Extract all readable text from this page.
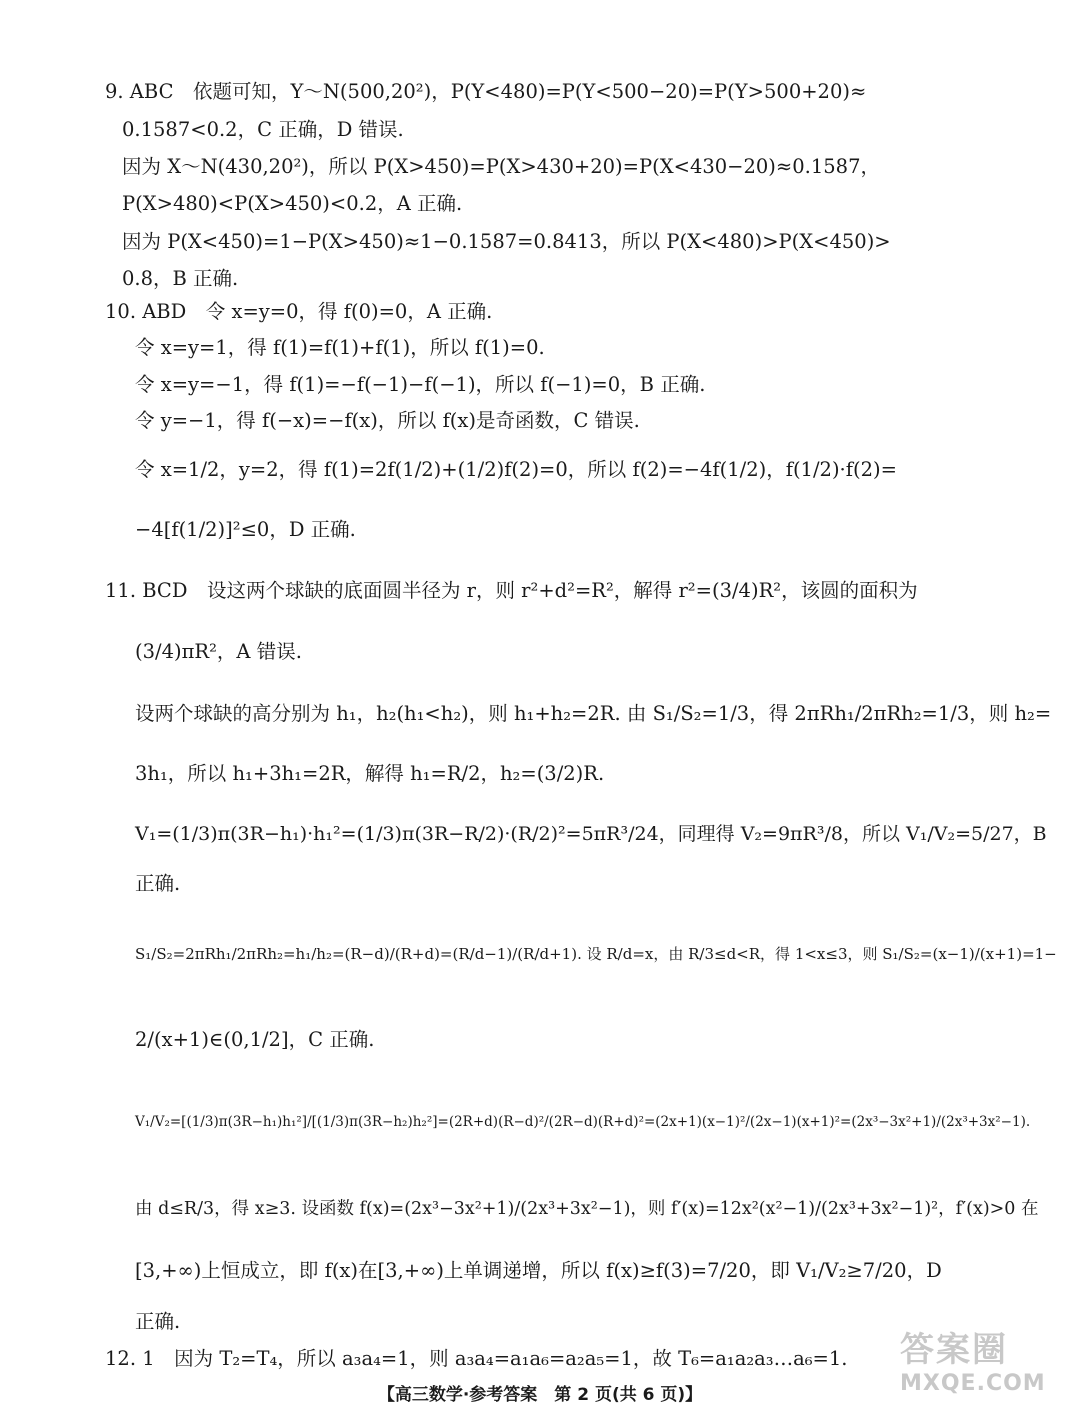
9. ABC　依题可知，Y～N(500,20²)，P(Y<480)=P(Y<500−20)=P(Y>500+20)≈
0.1587<0.2，C 正确，D 错误.
因为 X～N(430,20²)，所以 P(X>450)=P(X>430+20)=P(X<430−20)≈0.1587，
P(X>480)<P(X>450)<0.2，A 正确.
因为 P(X<450)=1−P(X>450)≈1−0.1587=0.8413，所以 P(X<480)>P(X<450)>
0.8，B 正确.
10. ABD　令 x=y=0，得 f(0)=0，A 正确.
令 x=y=1，得 f(1)=f(1)+f(1)，所以 f(1)=0.
令 x=y=−1，得 f(1)=−f(−1)−f(−1)，所以 f(−1)=0，B 正确.
令 y=−1，得 f(−x)=−f(x)，所以 f(x)是奇函数，C 错误.
令 x=1/2，y=2，得 f(1)=2f(1/2)+(1/2)f(2)=0，所以 f(2)=−4f(1/2)，f(1/2)·f(2)=
−4[f(1/2)]²≤0，D 正确.
11. BCD　设这两个球缺的底面圆半径为 r，则 r²+d²=R²，解得 r²=(3/4)R²，该圆的面积为
(3/4)πR²，A 错误.
设两个球缺的高分别为 h₁，h₂(h₁<h₂)，则 h₁+h₂=2R. 由 S₁/S₂=1/3，得 2πRh₁/2πRh₂=1/3，则 h₂=
3h₁，所以 h₁+3h₁=2R，解得 h₁=R/2，h₂=(3/2)R.
V₁=(1/3)π(3R−h₁)·h₁²=(1/3)π(3R−R/2)·(R/2)²=5πR³/24，同理得 V₂=9πR³/8，所以 V₁/V₂=5/27，B
正确.
S₁/S₂=2πRh₁/2πRh₂=h₁/h₂=(R−d)/(R+d)=(R/d−1)/(R/d+1). 设 R/d=x，由 R/3≤d<R，得 1<x≤3，则 S₁/S₂=(x−1)/(x+1)=1−
2/(x+1)∈(0,1/2]，C 正确.
V₁/V₂=[(1/3)π(3R−h₁)h₁²]/[(1/3)π(3R−h₂)h₂²]=(2R+d)(R−d)²/(2R−d)(R+d)²=(2x+1)(x−1)²/(2x−1)(x+1)²=(2x³−3x²+1)/(2x³+3x²−1).
由 d≤R/3，得 x≥3. 设函数 f(x)=(2x³−3x²+1)/(2x³+3x²−1)，则 f′(x)=12x²(x²−1)/(2x³+3x²−1)²，f′(x)>0 在
[3,+∞)上恒成立，即 f(x)在[3,+∞)上单调递增，所以 f(x)≥f(3)=7/20，即 V₁/V₂≥7/20，D
正确.
12. 1　因为 T₂=T₄，所以 a₃a₄=1，则 a₃a₄=a₁a₆=a₂a₅=1，故 T₆=a₁a₂a₃…a₆=1.
【高三数学·参考答案　第 2 页(共 6 页)】
答案圈
MXQE.COM
